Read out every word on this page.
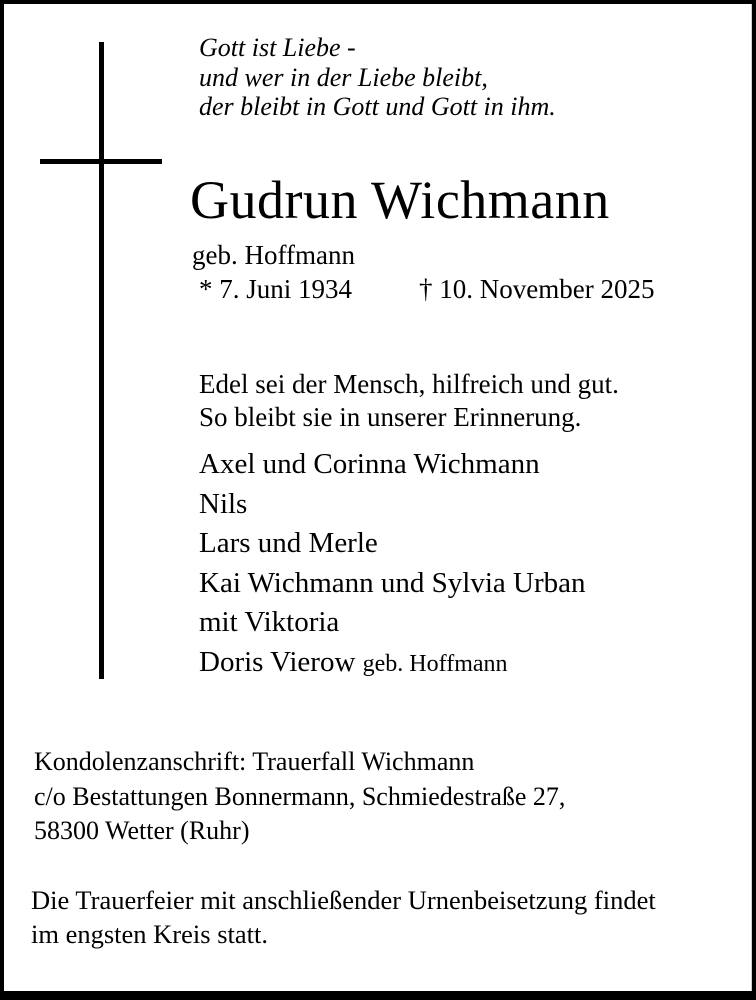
Gott ist Liebe -
und wer in der Liebe bleibt,
der bleibt in Gott und Gott in ihm.
Gudrun Wichmann
geb. Hoffmann
* 7. Juni 1934 † 10. November 2025
Edel sei der Mensch, hilfreich und gut.
So bleibt sie in unserer Erinnerung.
Axel und Corinna Wichmann
Nils
Lars und Merle
Kai Wichmann und Sylvia Urban
mit Viktoria
Doris Vierow geb. Hoffmann
Kondolenzanschrift: Trauerfall Wichmann
c/o Bestattungen Bonnermann, Schmiedestraße 27,
58300 Wetter (Ruhr)
Die Trauerfeier mit anschließender Urnenbeisetzung findet
im engsten Kreis statt.
